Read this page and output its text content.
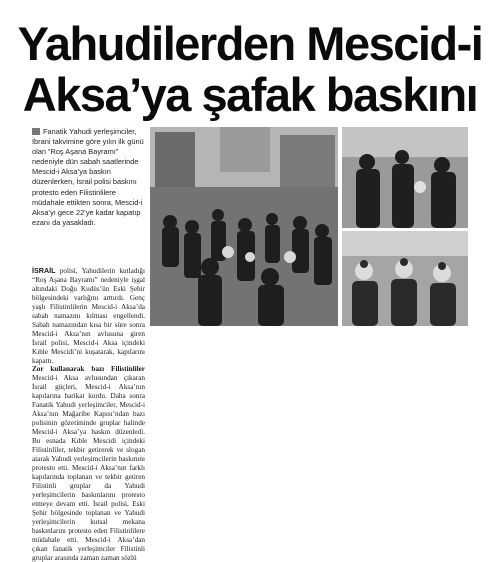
Yahudilerden Mescid-i
Aksa’ya şafak baskını
Fanatik Yahudi yerleşimciler, İbrani takvimine göre yılın ilk günü olan “Roş Aşana Bayramı” nedeniyle dün sabah saatlerinde Mescid-i Aksa’ya baskın düzenlerken, İsrail polisi baskını protesto eden Filistinlilere müdahale ettikten sonra, Mescid-i Aksa’yı gece 22’ye kadar kapatıp ezanı da yasakladı.
İSRAİL polisi, Yahudilerin kutladığı “Roş Aşana Bayramı” nedeniyle işgal altındaki Doğu Kudüs’ün Eski Şehir bölgesindeki varlığını arttırdı. Genç yaşlı Filistinlilerin Mescid-i Aksa’da sabah namazını kılması engellendi. Sabah namazından kısa bir süre sonra Mescid-i Aksa’nın avlusuna giren İsrail polisi, Mescid-i Aksa içindeki Kıble Mescidi’ni kuşatarak, kapılarını kapattı.
Zor kullanarak bazı Filistinliler Mescid-i Aksa avlusundan çıkaran İsrail güçleri, Mescid-i Aksa’nın kapılarına barikat kurdu. Daha sonra Fanatik Yahudi yerleşimciler, Mescid-i Aksa’nın Mağaribe Kapısı’ndan bazı polisinin gözetiminde gruplar halinde Mescid-i Aksa’ya baskın düzenledi. Bu esnada Kıble Mescidi içindeki Filistinliler, tekbir getirerek ve slogan atarak Yahudi yerleşimcilerin baskınını protesto etti. Mescid-i Aksa’nın farklı kapılarında toplanan ve tekbir getiren Filistinli gruplar da Yahudi yerleşimcilerin baskınlarını protesto etmeye devam etti. İsrail polisi, Eski Şehir bölgesinde toplanan ve Yahudi yerleşimcilerin kutsal mekana baskınlarını protesto eden Filistinlilere müdahale etti. Mescid-i Aksa’dan çıkan fanatik yerleşimciler Filistinli gruplar arasında zaman zaman sözlü
